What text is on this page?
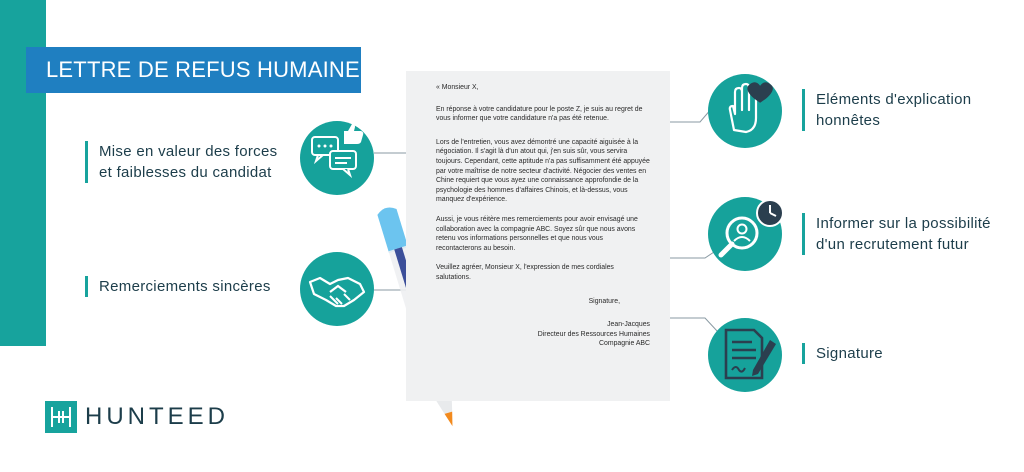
LETTRE DE REFUS HUMAINE

« Monsieur X,

En réponse à votre candidature pour le poste Z, je suis au regret de vous informer que votre candidature n'a pas été retenue.

Lors de l'entretien, vous avez démontré une capacité aiguisée à la négociation. Il s'agit là d'un atout qui, j'en suis sûr, vous servira toujours. Cependant, cette aptitude n'a pas suffisamment été appuyée par votre maîtrise de notre secteur d'activité. Négocier des ventes en Chine requiert que vous ayez une connaissance approfondie de la psychologie des hommes d'affaires Chinois, et là-dessus, vous manquez d'expérience.

Aussi, je vous réitère mes remerciements pour avoir envisagé une collaboration avec la compagnie ABC. Soyez sûr que nous avons retenu vos informations personnelles et que nous vous recontacterons au besoin.

Veuillez agréer, Monsieur X, l'expression de mes cordiales salutations.

Signature,

Jean-Jacques
Directeur des Ressources Humaines
Compagnie ABC
Mise en valeur des forces
et faiblesses du candidat
Remerciements sincères
Eléments d'explication
honnêtes
Informer sur la possibilité
d'un recrutement futur
Signature
HUNTEED
